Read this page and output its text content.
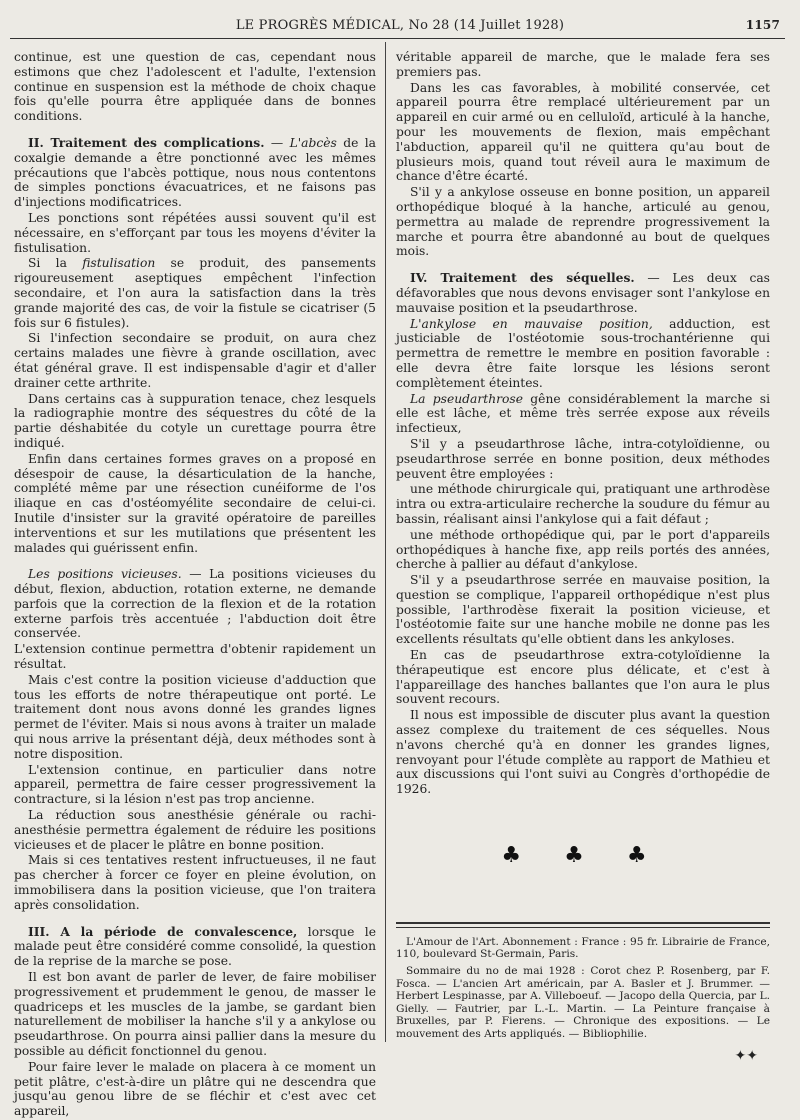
LE PROGRÈS MÉDICAL, No 28 (14 Juillet 1928)	1157

continue, est une question de cas, cependant nous estimons que chez l'adolescent et l'adulte, l'extension continue en suspension est la méthode de choix chaque fois qu'elle pourra être appliquée dans de bonnes conditions.

II. Traitement des complications. — L'abcès de la coxalgie demande a être ponctionné avec les mêmes précautions que l'abcès pottique, nous nous contentons de simples ponctions évacuatrices, et ne faisons pas d'injections modificatrices.

Les ponctions sont répétées aussi souvent qu'il est nécessaire, en s'efforçant par tous les moyens d'éviter la fistulisation.

Si la fistulisation se produit, des pansements rigoureusement aseptiques empêchent l'infection secondaire, et l'on aura la satisfaction dans la très grande majorité des cas, de voir la fistule se cicatriser (5 fois sur 6 fistules).

Si l'infection secondaire se produit, on aura chez certains malades une fièvre à grande oscillation, avec état général grave. Il est indispensable d'agir et d'aller drainer cette arthrite.

Dans certains cas à suppuration tenace, chez lesquels la radiographie montre des séquestres du côté de la partie déshabitée du cotyle un curettage pourra être indiqué.

Enfin dans certaines formes graves on a proposé en désespoir de cause, la désarticulation de la hanche, complété même par une résection cunéiforme de l'os iliaque en cas d'ostéomyélite secondaire de celui-ci. Inutile d'insister sur la gravité opératoire de pareilles interventions et sur les mutilations que présentent les malades qui guérissent enfin.

Les positions vicieuses. — La positions vicieuses du début, flexion, abduction, rotation externe, ne demande parfois que la correction de la flexion et de la rotation externe parfois très accentuée ; l'abduction doit être conservée.

L'extension continue permettra d'obtenir rapidement un résultat.

Mais c'est contre la position vicieuse d'adduction que tous les efforts de notre thérapeutique ont porté. Le traitement dont nous avons donné les grandes lignes permet de l'éviter. Mais si nous avons à traiter un malade qui nous arrive la présentant déjà, deux méthodes sont à notre disposition.

L'extension continue, en particulier dans notre appareil, permettra de faire cesser progressivement la contracture, si la lésion n'est pas trop ancienne.

La réduction sous anesthésie générale ou rachi-anesthésie permettra également de réduire les positions vicieuses et de placer le plâtre en bonne position.

Mais si ces tentatives restent infructueuses, il ne faut pas chercher à forcer ce foyer en pleine évolution, on immobilisera dans la position vicieuse, que l'on traitera après consolidation.

III. A la période de convalescence, lorsque le malade peut être considéré comme consolidé, la question de la reprise de la marche se pose.

Il est bon avant de parler de lever, de faire mobiliser progressivement et prudemment le genou, de masser le quadriceps et les muscles de la jambe, se gardant bien naturellement de mobiliser la hanche s'il y a ankylose ou pseudarthrose. On pourra ainsi pallier dans la mesure du possible au déficit fonctionnel du genou.

Pour faire lever le malade on placera à ce moment un petit plâtre, c'est-à-dire un plâtre qui ne descendra que jusqu'au genou libre de se fléchir et c'est avec cet appareil,

véritable appareil de marche, que le malade fera ses premiers pas.

Dans les cas favorables, à mobilité conservée, cet appareil pourra être remplacé ultérieurement par un appareil en cuir armé ou en celluloïd, articulé à la hanche, pour les mouvements de flexion, mais empêchant l'abduction, appareil qu'il ne quittera qu'au bout de plusieurs mois, quand tout réveil aura le maximum de chance d'être écarté.

S'il y a ankylose osseuse en bonne position, un appareil orthopédique bloqué à la hanche, articulé au genou, permettra au malade de reprendre progressivement la marche et pourra être abandonné au bout de quelques mois.

IV. Traitement des séquelles. — Les deux cas défavorables que nous devons envisager sont l'ankylose en mauvaise position et la pseudarthrose.

L'ankylose en mauvaise position, adduction, est justiciable de l'ostéotomie sous-trochantérienne qui permettra de remettre le membre en position favorable : elle devra être faite lorsque les lésions seront complètement éteintes.

La pseudarthrose gêne considérablement la marche si elle est lâche, et même très serrée expose aux réveils infectieux,

S'il y a pseudarthrose lâche, intra-cotyloïdienne, ou pseudarthrose serrée en bonne position, deux méthodes peuvent être employées :

une méthode chirurgicale qui, pratiquant une arthrodèse intra ou extra-articulaire recherche la soudure du fémur au bassin, réalisant ainsi l'ankylose qui a fait défaut ;

une méthode orthopédique qui, par le port d'appareils orthopédiques à hanche fixe, app reils portés des années, cherche à pallier au défaut d'ankylose.

S'il y a pseudarthrose serrée en mauvaise position, la question se complique, l'appareil orthopédique n'est plus possible, l'arthrodèse fixerait la position vicieuse, et l'ostéotomie faite sur une hanche mobile ne donne pas les excellents résultats qu'elle obtient dans les ankyloses.

En cas de pseudarthrose extra-cotyloïdienne la thérapeutique est encore plus délicate, et c'est à l'appareillage des hanches ballantes que l'on aura le plus souvent recours.

Il nous est impossible de discuter plus avant la question assez complexe du traitement de ces séquelles. Nous n'avons cherché qu'à en donner les grandes lignes, renvoyant pour l'étude complète au rapport de Mathieu et aux discussions qui l'ont suivi au Congrès d'orthopédie de 1926.

♣ ♣ ♣

L'Amour de l'Art. Abonnement : France : 95 fr. Librairie de France, 110, boulevard St-Germain, Paris.

Sommaire du no de mai 1928 : Corot chez P. Rosenberg, par F. Fosca. — L'ancien Art américain, par A. Basler et J. Brummer. — Herbert Lespinasse, par A. Villeboeuf. — Jacopo della Quercia, par L. Gielly. — Fautrier, par L.-L. Martin. — La Peinture française à Bruxelles, par P. Fierens. — Chronique des expositions. — Le mouvement des Arts appliqués. — Bibliophilie.

✦✦
